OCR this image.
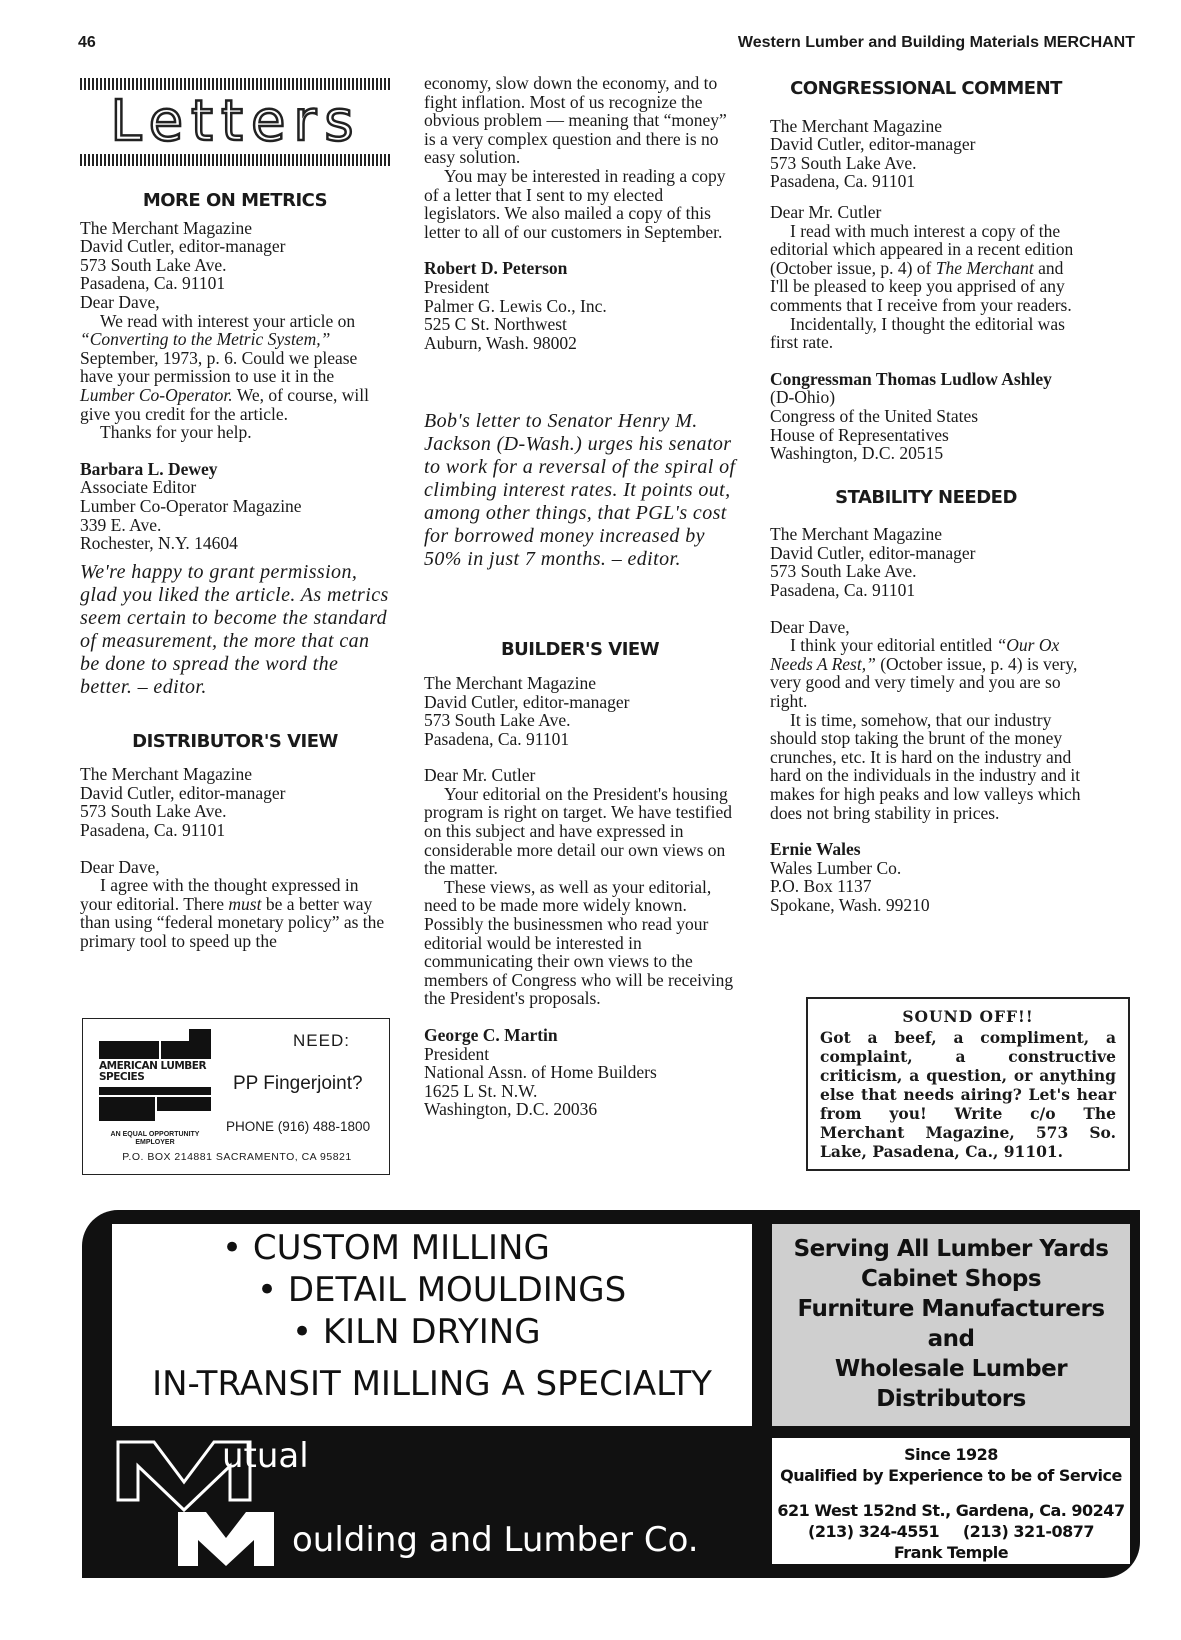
46	Western Lumber and Building Materials MERCHANT
Letters

MORE ON METRICS

The Merchant Magazine

David Cutler, editor-manager

573 South Lake Ave.

Pasadena, Ca. 91101

Dear Dave,

We read with interest your article on “Converting to the Metric System,” September, 1973, p. 6. Could we please have your permission to use it in the Lumber Co-Operator. We, of course, will give you credit for the article.

Thanks for your help.

Barbara L. Dewey

Associate Editor

Lumber Co-Operator Magazine

339 E. Ave.

Rochester, N.Y. 14604

We're happy to grant permission, glad you liked the article. As metrics seem certain to become the standard of measurement, the more that can be done to spread the word the better. – editor.

DISTRIBUTOR'S VIEW

The Merchant Magazine

David Cutler, editor-manager

573 South Lake Ave.

Pasadena, Ca. 91101

Dear Dave,

I agree with the thought expressed in your editorial. There must be a better way than using “federal monetary policy” as the primary tool to speed up the

AMERICAN LUMBER SPECIES
AN EQUAL OPPORTUNITY EMPLOYER
NEED:
PP Fingerjoint?
PHONE (916) 488-1800
P.O. BOX 214881 SACRAMENTO, CA 95821

economy, slow down the economy, and to fight inflation. Most of us recognize the obvious problem — meaning that “money” is a very complex question and there is no easy solution.

You may be interested in reading a copy of a letter that I sent to my elected legislators. We also mailed a copy of this letter to all of our customers in September.

Robert D. Peterson

President

Palmer G. Lewis Co., Inc.

525 C St. Northwest

Auburn, Wash. 98002

Bob's letter to Senator Henry M. Jackson (D-Wash.) urges his senator to work for a reversal of the spiral of climbing interest rates. It points out, among other things, that PGL's cost for borrowed money increased by 50% in just 7 months. – editor.

BUILDER'S VIEW

The Merchant Magazine

David Cutler, editor-manager

573 South Lake Ave.

Pasadena, Ca. 91101

Dear Mr. Cutler

Your editorial on the President's housing program is right on target. We have testified on this subject and have expressed in considerable more detail our own views on the matter.

These views, as well as your editorial, need to be made more widely known. Possibly the businessmen who read your editorial would be interested in communicating their own views to the members of Congress who will be receiving the President's proposals.

George C. Martin

President

National Assn. of Home Builders

1625 L St. N.W.

Washington, D.C. 20036

CONGRESSIONAL COMMENT

The Merchant Magazine

David Cutler, editor-manager

573 South Lake Ave.

Pasadena, Ca. 91101

Dear Mr. Cutler

I read with much interest a copy of the editorial which appeared in a recent edition (October issue, p. 4) of The Merchant and I'll be pleased to keep you apprised of any comments that I receive from your readers.

Incidentally, I thought the editorial was first rate.

Congressman Thomas Ludlow Ashley

(D-Ohio)

Congress of the United States

House of Representatives

Washington, D.C. 20515

STABILITY NEEDED

The Merchant Magazine

David Cutler, editor-manager

573 South Lake Ave.

Pasadena, Ca. 91101

Dear Dave,

I think your editorial entitled “Our Ox Needs A Rest,” (October issue, p. 4) is very, very good and very timely and you are so right.

It is time, somehow, that our industry should stop taking the brunt of the money crunches, etc. It is hard on the industry and hard on the individuals in the industry and it makes for high peaks and low valleys which does not bring stability in prices.

Ernie Wales

Wales Lumber Co.

P.O. Box 1137

Spokane, Wash. 99210

SOUND OFF!!
Got a beef, a compliment, a complaint, a constructive criticism, a question, or anything else that needs airing? Let's hear from you! Write c/o The Merchant Magazine, 573 So. Lake, Pasadena, Ca., 91101.
• CUSTOM MILLING
• DETAIL MOULDINGS
• KILN DRYING
IN-TRANSIT MILLING A SPECIALTY
Serving All Lumber Yards
Cabinet Shops
Furniture Manufacturers
and
Wholesale Lumber Distributors
utual
oulding and Lumber Co.
Since 1928
Qualified by Experience to be of Service
621 West 152nd St., Gardena, Ca. 90247
(213) 324-4551 (213) 321-0877
Frank Temple
